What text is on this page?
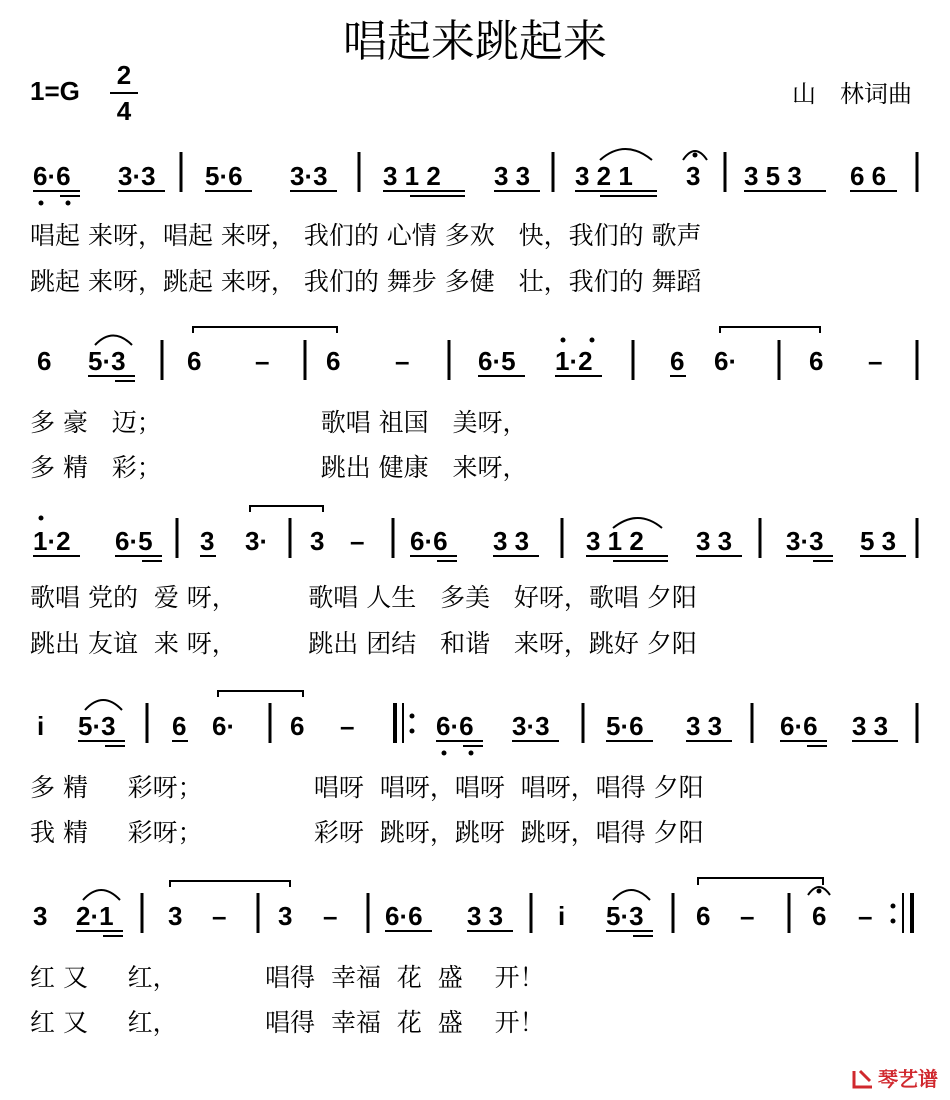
唱起来跳起来
1=G
2
4
山　林词曲
6·6 3·3 5·6 3·3 3 1 2 3 3 3 2 1 3 3 5 3 6 6
6 5·3 6 – 6 –	6·5 1·2	6 6·	6 –
1·2 6·5 3 3· 3 – 6·6 3 3 3 1 2 3 3 3·3 5 3
i 5·3 6 6· 6 –	6·6 3·3 5·6 3 3 6·6 3 3
3 2·1 3 – 3 – 6·6 3 3 i 5·3 6 – 6 –
唱起 来呀，唱起 来呀， 我们的 心情 多欢   快，我们的 歌声
跳起 来呀，跳起 来呀， 我们的 舞步 多健   壮，我们的 舞蹈
多 豪   迈；                    歌唱 祖国   美呀，
多 精   彩；                    跳出 健康   来呀，
歌唱 党的  爱 呀，         歌唱 人生   多美   好呀，歌唱 夕阳
跳出 友谊  来 呀，         跳出 团结   和谐   来呀，跳好 夕阳
多 精     彩呀；              唱呀  唱呀，唱呀  唱呀，唱得 夕阳
我 精     彩呀；              彩呀  跳呀，跳呀  跳呀，唱得 夕阳
红 又     红，           唱得  幸福  花  盛    开！
红 又     红，           唱得  幸福  花  盛    开！
琴艺谱
